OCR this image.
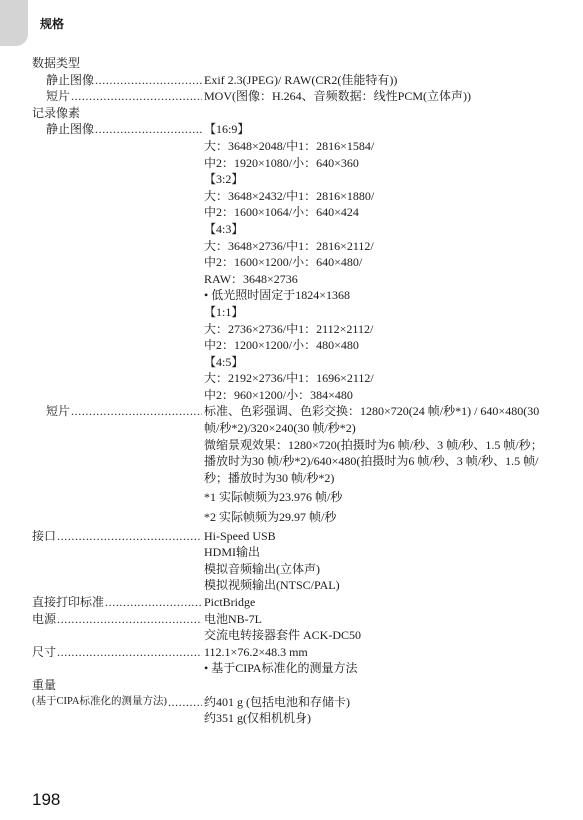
规格
数据类型
静止图像 .....	Exif 2.3(JPEG)/ RAW(CR2(佳能特有))
短片 .....	MOV(图像：H.264、音频数据：线性PCM(立体声))
记录像素
静止图像 .....	【16:9】
大：3648×2048/中1：2816×1584/
中2：1920×1080/小：640×360
【3:2】
大：3648×2432/中1：2816×1880/
中2：1600×1064/小：640×424
【4:3】
大：3648×2736/中1：2816×2112/
中2：1600×1200/小：640×480/
RAW：3648×2736
• 低光照时固定于1824×1368
【1:1】
大：2736×2736/中1：2112×2112/
中2：1200×1200/小：480×480
【4:5】
大：2192×2736/中1：1696×2112/
中2：960×1200/小：384×480
短片 .....	标准、色彩强调、色彩交换：1280×720(24 帧/秒*1) / 640×480(30 帧/秒*2)/320×240(30 帧/秒*2)
微缩景观效果：1280×720(拍摄时为6 帧/秒、3 帧/秒、1.5 帧/秒；播放时为30 帧/秒*2)/640×480(拍摄时为6 帧/秒、3 帧/秒、1.5 帧/秒；播放时为30 帧/秒*2)
*1 实际帧频为23.976 帧/秒
*2 实际帧频为29.97 帧/秒
接口 .....	Hi-Speed USB
HDMI输出
模拟音频输出(立体声)
模拟视频输出(NTSC/PAL)
直接打印标准 .....	PictBridge
电源 .....	电池NB-7L
交流电转接器套件 ACK-DC50
尺寸 .....	112.1×76.2×48.3 mm
• 基于CIPA标准化的测量方法
重量
(基于CIPA标准化的测量方法) .....	约401 g (包括电池和存储卡)
约351 g(仅相机机身)
198
